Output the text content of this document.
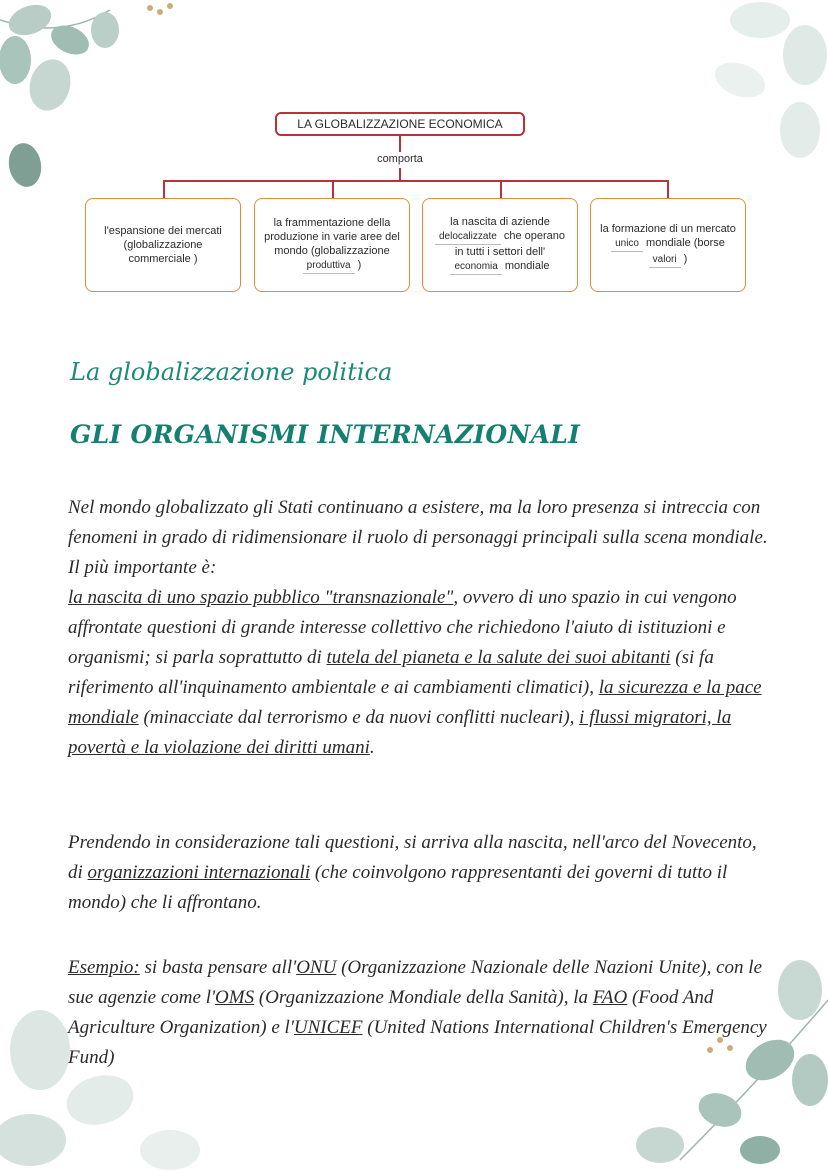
LA GLOBALIZZAZIONE ECONOMICA
comporta
l'espansione dei mercati (globalizzazione commerciale )
la frammentazione della produzione in varie aree del mondo (globalizzazione produttiva )
la nascita di aziende delocalizzate che operano in tutti i settori dell' economia mondiale
la formazione di un mercato unico mondiale (borse valori )
La globalizzazione politica
GLI ORGANISMI INTERNAZIONALI

Nel mondo globalizzato gli Stati continuano a esistere, ma la loro presenza si intreccia con fenomeni in grado di ridimensionare il ruolo di personaggi principali sulla scena mondiale. Il più importante è:
la nascita di uno spazio pubblico "transnazionale", ovvero di uno spazio in cui vengono affrontate questioni di grande interesse collettivo che richiedono l'aiuto di istituzioni e organismi; si parla soprattutto di tutela del pianeta e la salute dei suoi abitanti (si fa riferimento all'inquinamento ambientale e ai cambiamenti climatici), la sicurezza e la pace mondiale (minacciate dal terrorismo e da nuovi conflitti nucleari), i flussi migratori, la povertà e la violazione dei diritti umani.

Prendendo in considerazione tali questioni, si arriva alla nascita, nell'arco del Novecento, di organizzazioni internazionali (che coinvolgono rappresentanti dei governi di tutto il mondo) che li affrontano.

Esempio: si basta pensare all'ONU (Organizzazione Nazionale delle Nazioni Unite), con le sue agenzie come l'OMS (Organizzazione Mondiale della Sanità), la FAO (Food And Agriculture Organization) e l'UNICEF (United Nations International Children's Emergency Fund)
